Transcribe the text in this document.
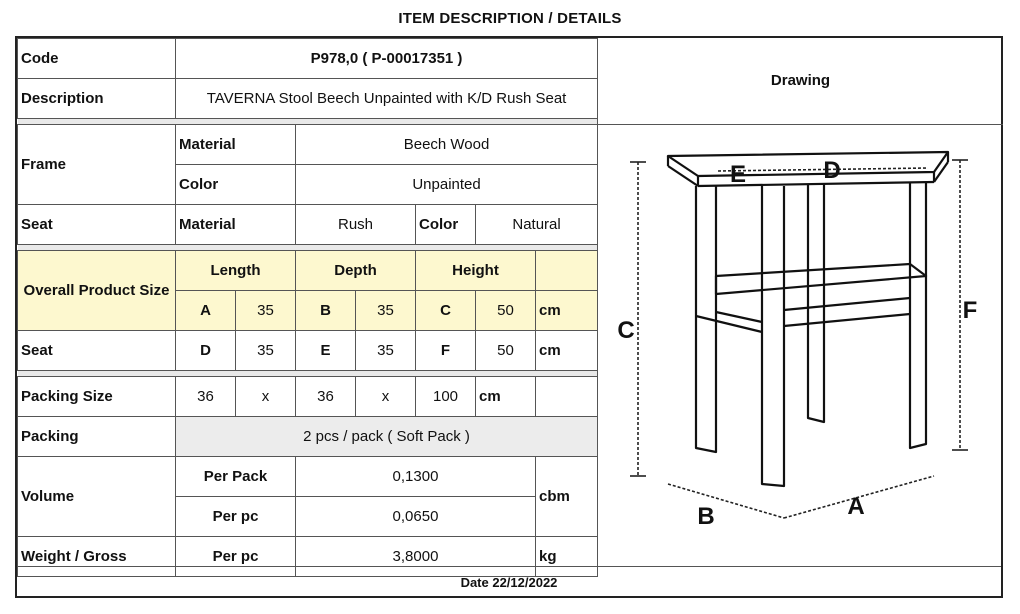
ITEM DESCRIPTION / DETAILS
Code	P978,0 ( P-00017351 )						
Description	TAVERNA Stool Beech Unpainted with K/D Rush Seat						

Frame	Material		Beech Wood				
	Color		Unpainted				
Seat	Material		Rush		Color	Natural	

Overall Product Size	Length		Depth		Height		
	A	35	B	35	C	50	cm
Seat	D	35	E	35	F	50	cm

Packing Size	36	x	36	x	100	cm	
Packing	2 pcs / pack ( Soft Pack )						
Volume	Per Pack		0,1300				cbm
	Per pc		0,0650				
Weight / Gross	Per pc		3,8000				kg
Drawing
C
F
E	D
B	A
Date 22/12/2022
